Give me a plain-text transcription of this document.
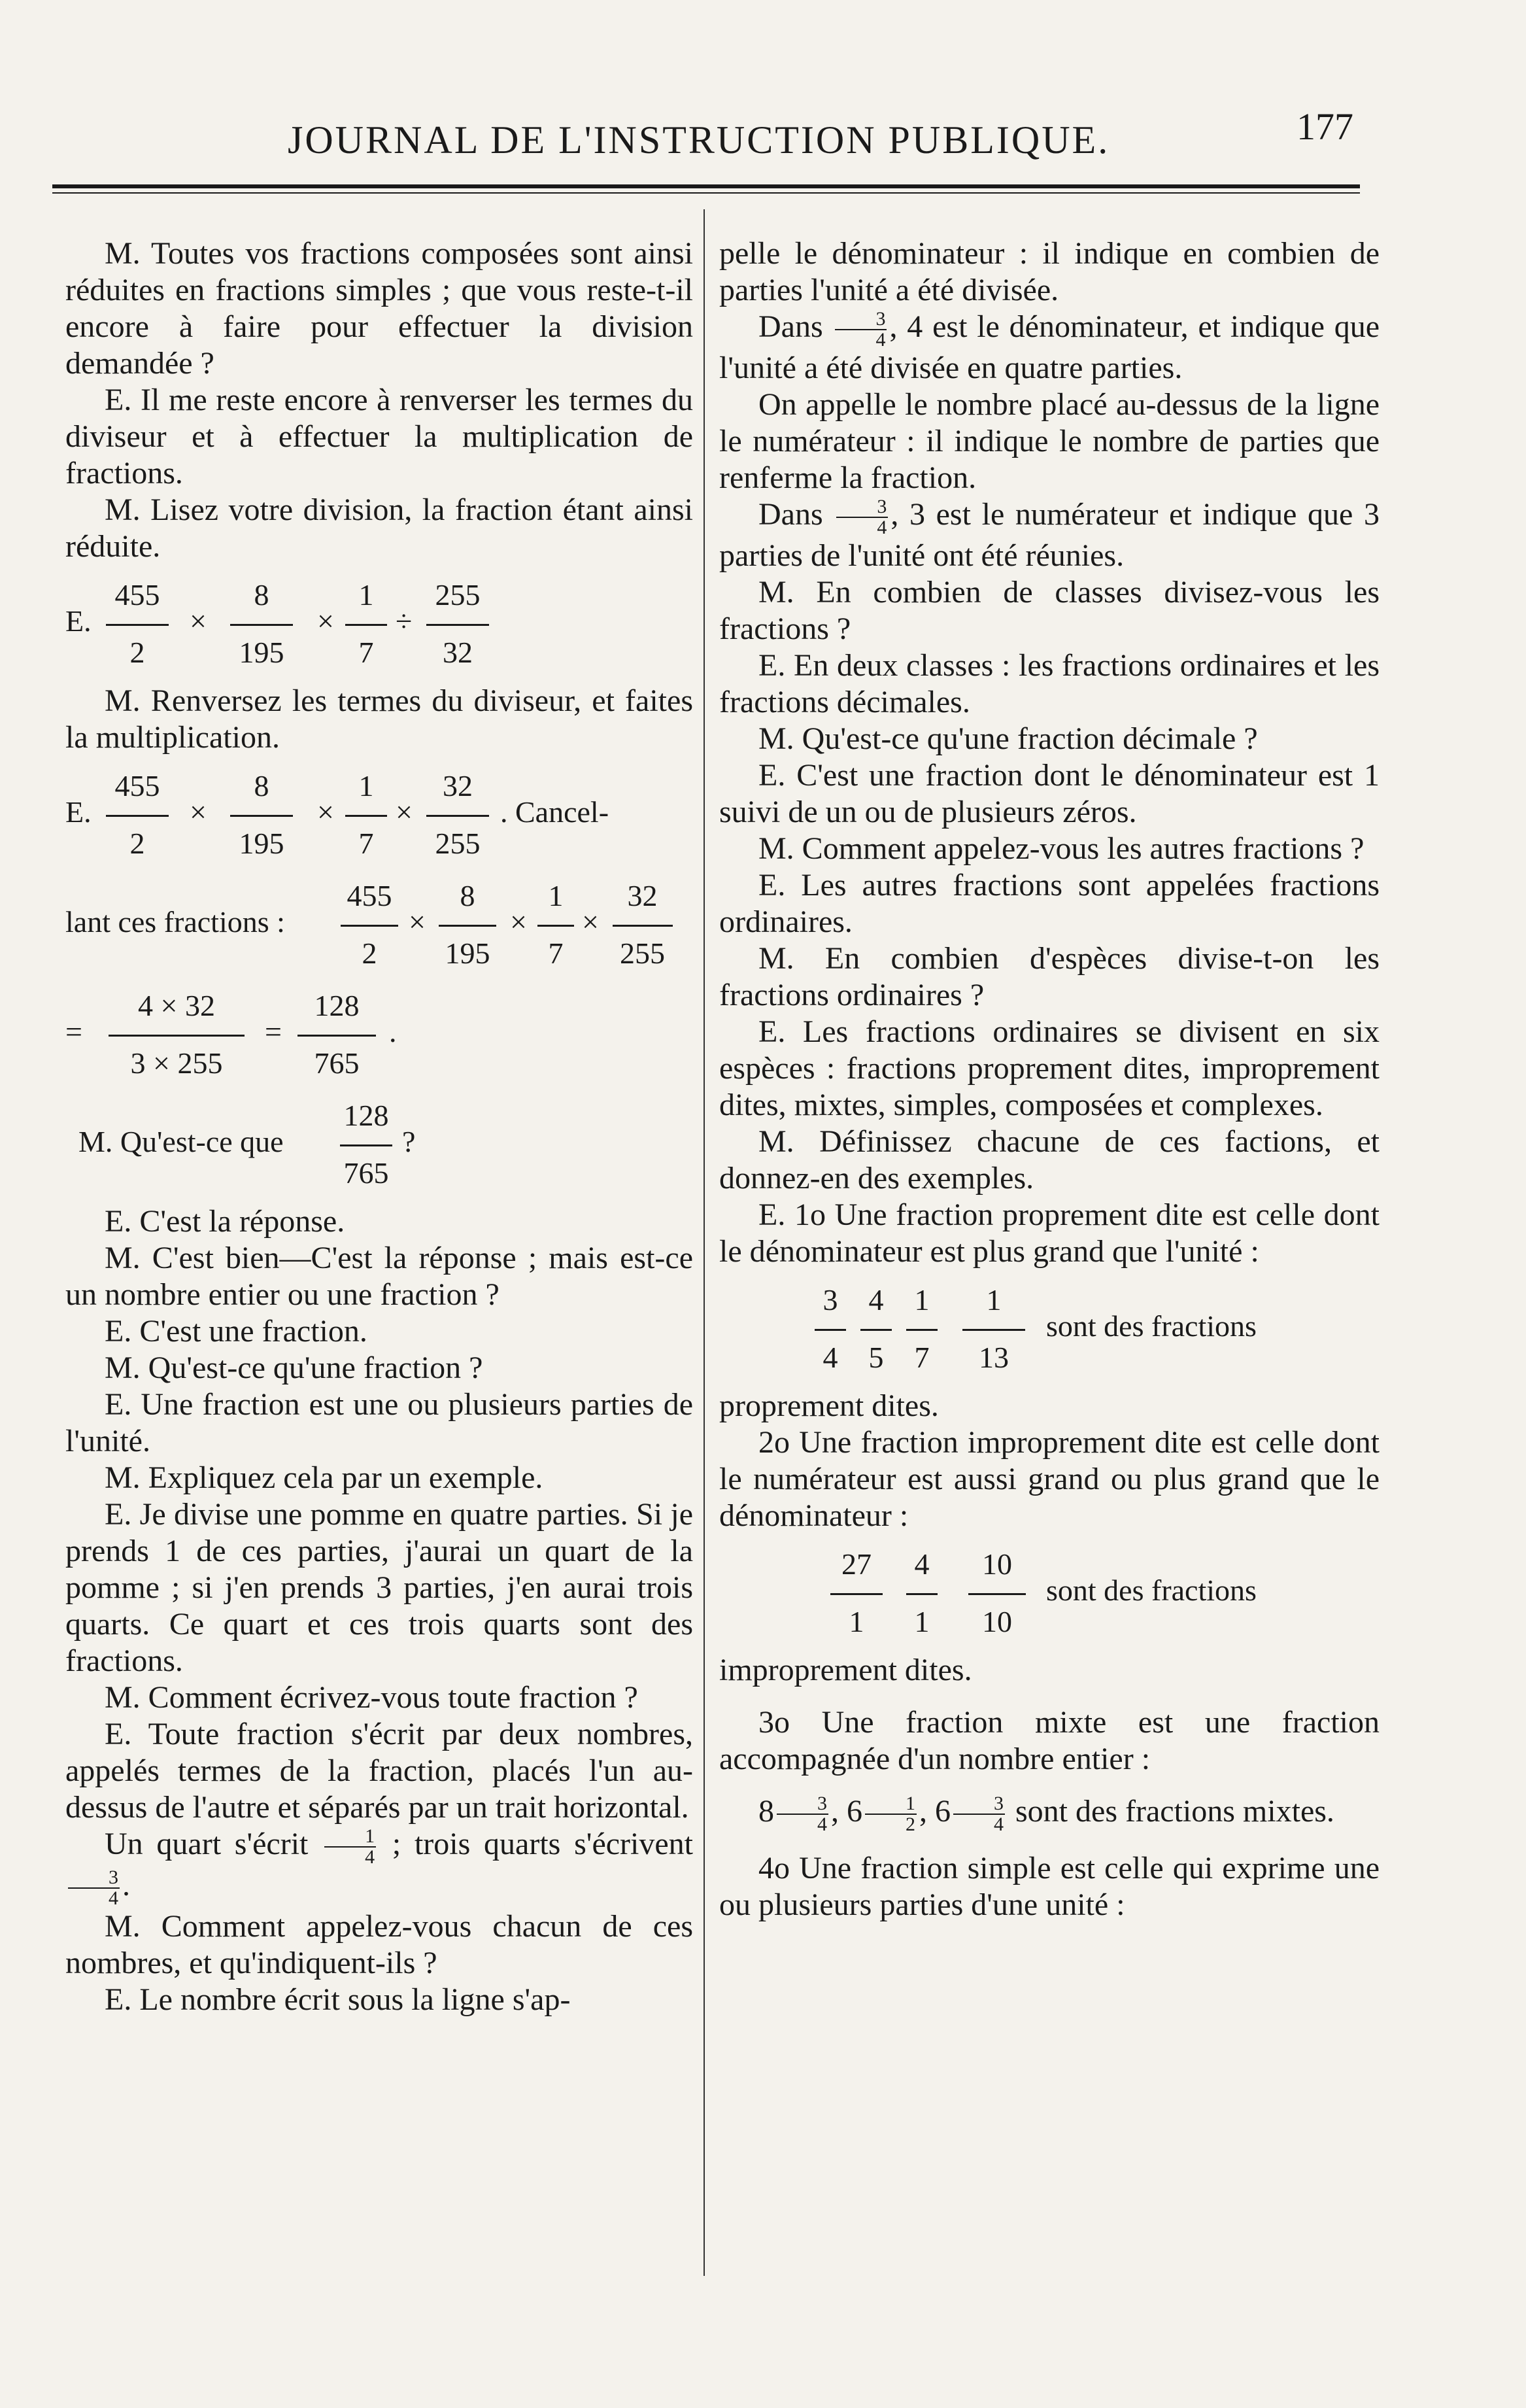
JOURNAL DE L'INSTRUCTION PUBLIQUE.	177

M. Toutes vos fractions composées sont ainsi réduites en fractions simples ; que vous reste-t-il encore à faire pour effectuer la division demandée ?

E. Il me reste encore à renverser les termes du diviseur et à effectuer la multiplication de fractions.

M. Lisez votre division, la fraction étant ainsi réduite.

E.
455
2
×
8
195
×
1
7
÷
255
32

M. Renversez les termes du diviseur, et faites la multiplication.

E.
455
2
×
8
195
×
1
7
×
32
255
. Cancel-
lant ces fractions :
455
2
×
8
195
×
1
7
×
32
255
=
4 × 32
3 × 255
=
128
765
.
M. Qu'est-ce que
128
765
?

E. C'est la réponse.

M. C'est bien—C'est la réponse ; mais est-ce un nombre entier ou une fraction ?

E. C'est une fraction.

M. Qu'est-ce qu'une fraction ?

E. Une fraction est une ou plusieurs parties de l'unité.

M. Expliquez cela par un exemple.

E. Je divise une pomme en quatre parties. Si je prends 1 de ces parties, j'aurai un quart de la pomme ; si j'en prends 3 parties, j'en aurai trois quarts. Ce quart et ces trois quarts sont des fractions.

M. Comment écrivez-vous toute fraction ?

E. Toute fraction s'écrit par deux nombres, appelés termes de la fraction, placés l'un au-dessus de l'autre et séparés par un trait horizontal.

Un quart s'écrit $\frac{1}{4}$ ; trois quarts s'écrivent
$\frac{3}{4}$ .

M. Comment appelez-vous chacun de ces nombres, et qu'indiquent-ils ?

E. Le nombre écrit sous la ligne s'ap-

pelle le dénominateur : il indique en combien de parties l'unité a été divisée.

Dans $\frac{3}{4}$ , 4 est le dénominateur, et indique que l'unité a été divisée en quatre parties.

On appelle le nombre placé au-dessus de la ligne le numérateur : il indique le nombre de parties que renferme la fraction.

Dans $\frac{3}{4}$ , 3 est le numérateur et indique que 3 parties de l'unité ont été réunies.

M. En combien de classes divisez-vous les fractions ?

E. En deux classes : les fractions ordinaires et les fractions décimales.

M. Qu'est-ce qu'une fraction décimale ?

E. C'est une fraction dont le dénominateur est 1 suivi de un ou de plusieurs zéros.

M. Comment appelez-vous les autres fractions ?

E. Les autres fractions sont appelées fractions ordinaires.

M. En combien d'espèces divise-t-on les fractions ordinaires ?

E. Les fractions ordinaires se divisent en six espèces : fractions proprement dites, improprement dites, mixtes, simples, composées et complexes.

M. Définissez chacune de ces factions, et donnez-en des exemples.

E. 1o Une fraction proprement dite est celle dont le dénominateur est plus grand que l'unité :

3
4
4
5
1
7
1
13
sont des fractions

proprement dites.

2o Une fraction improprement dite est celle dont le numérateur est aussi grand ou plus grand que le dénominateur :

27
1
4
1
10
10
sont des fractions

improprement dites.

3o Une fraction mixte est une fraction accompagnée d'un nombre entier :

$8 \frac{3}{4}$ , $6 \frac{1}{2}$ , $6 \frac{3}{4}$ sont des fractions mixtes.

4o Une fraction simple est celle qui exprime une ou plusieurs parties d'une unité :
